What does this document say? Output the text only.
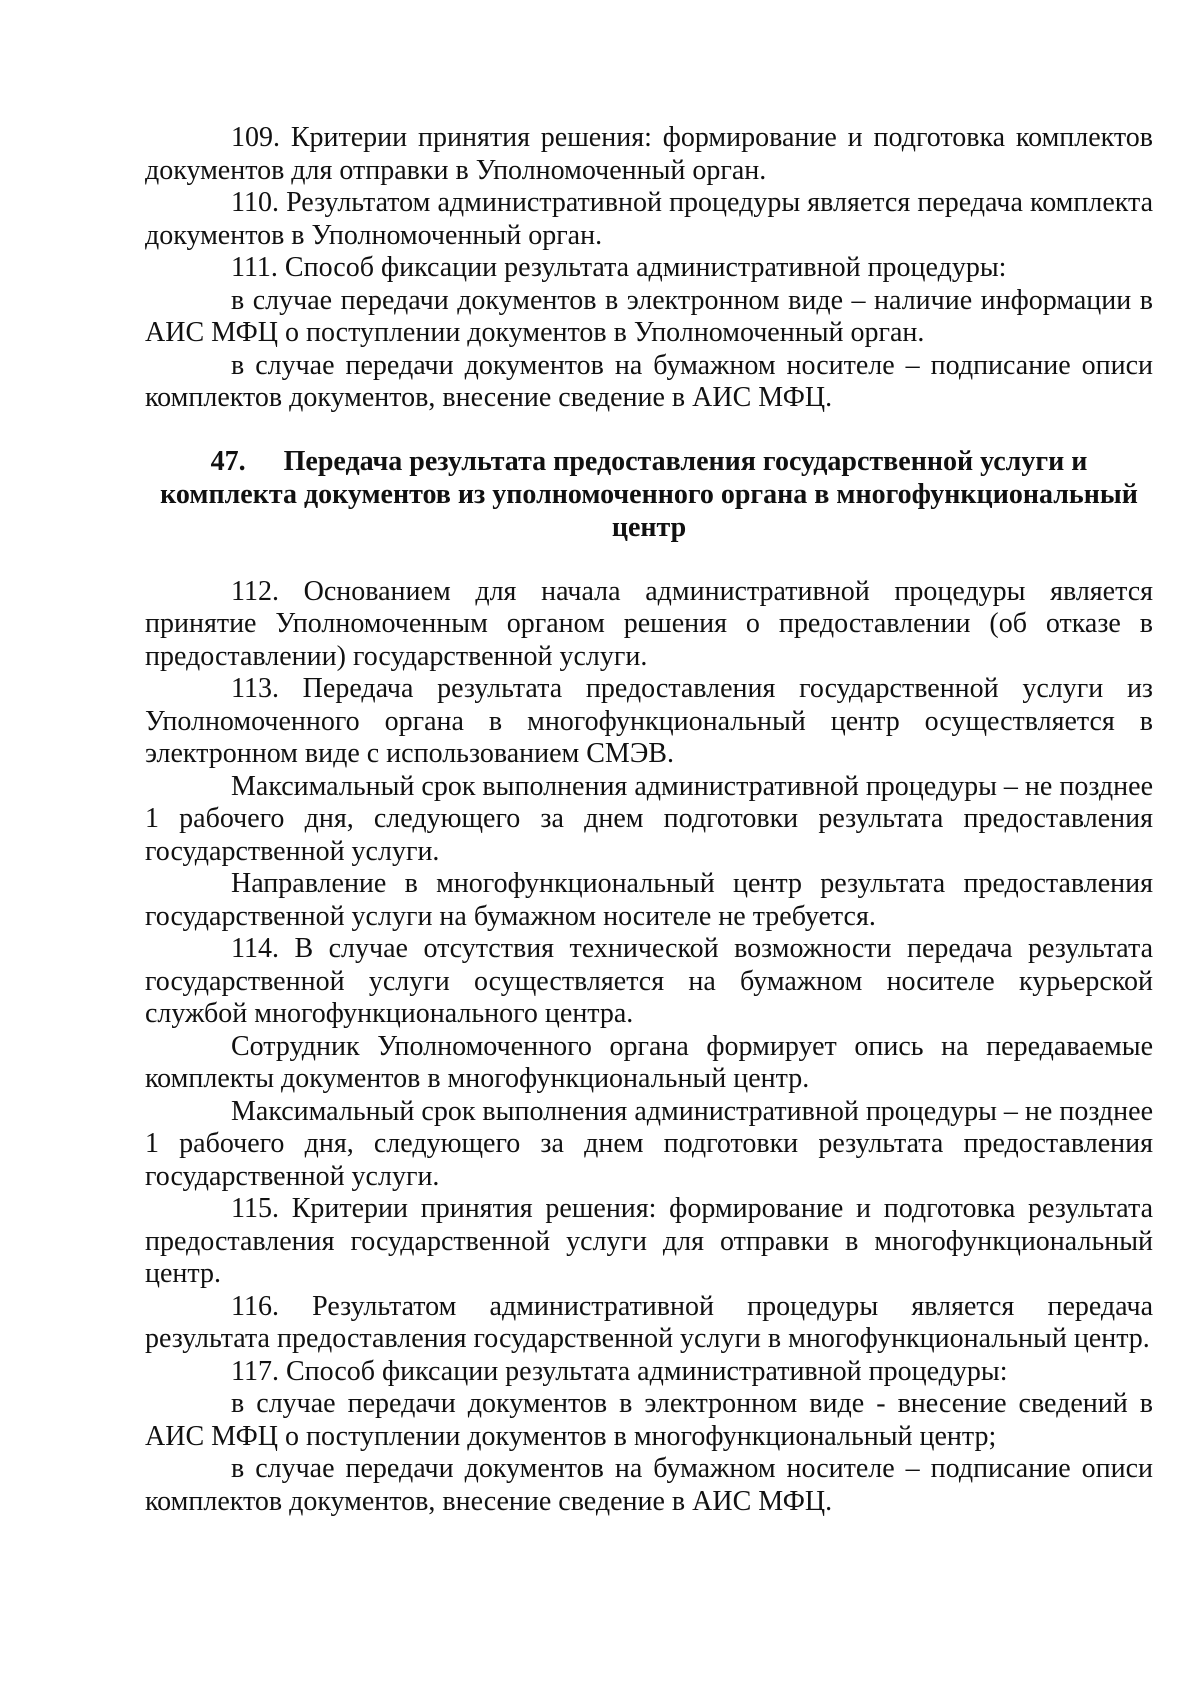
109. Критерии принятия решения: формирование и подготовка комплектов документов для отправки в Уполномоченный орган.

110. Результатом административной процедуры является передача комплекта документов в Уполномоченный орган.

111. Способ фиксации результата административной процедуры:

в случае передачи документов в электронном виде – наличие информации в АИС МФЦ о поступлении документов в Уполномоченный орган.

в случае передачи документов на бумажном носителе – подписание описи комплектов документов, внесение сведение в АИС МФЦ.

47. Передача результата предоставления государственной услуги и комплекта документов из уполномоченного органа в многофункциональный центр

112. Основанием для начала административной процедуры является принятие Уполномоченным органом решения о предоставлении (об отказе в предоставлении) государственной услуги.

113. Передача результата предоставления государственной услуги из Уполномоченного органа в многофункциональный центр осуществляется в электронном виде с использованием СМЭВ.

Максимальный срок выполнения административной процедуры – не позднее 1 рабочего дня, следующего за днем подготовки результата предоставления государственной услуги.

Направление в многофункциональный центр результата предоставления государственной услуги на бумажном носителе не требуется.

114. В случае отсутствия технической возможности передача результата государственной услуги осуществляется на бумажном носителе курьерской службой многофункционального центра.

Сотрудник Уполномоченного органа формирует опись на передаваемые комплекты документов в многофункциональный центр.

Максимальный срок выполнения административной процедуры – не позднее 1 рабочего дня, следующего за днем подготовки результата предоставления государственной услуги.

115. Критерии принятия решения: формирование и подготовка результата предоставления государственной услуги для отправки в многофункциональный центр.

116. Результатом административной процедуры является передача результата предоставления государственной услуги в многофункциональный центр.

117. Способ фиксации результата административной процедуры:

в случае передачи документов в электронном виде - внесение сведений в АИС МФЦ о поступлении документов в многофункциональный центр;

в случае передачи документов на бумажном носителе – подписание описи комплектов документов, внесение сведение в АИС МФЦ.
